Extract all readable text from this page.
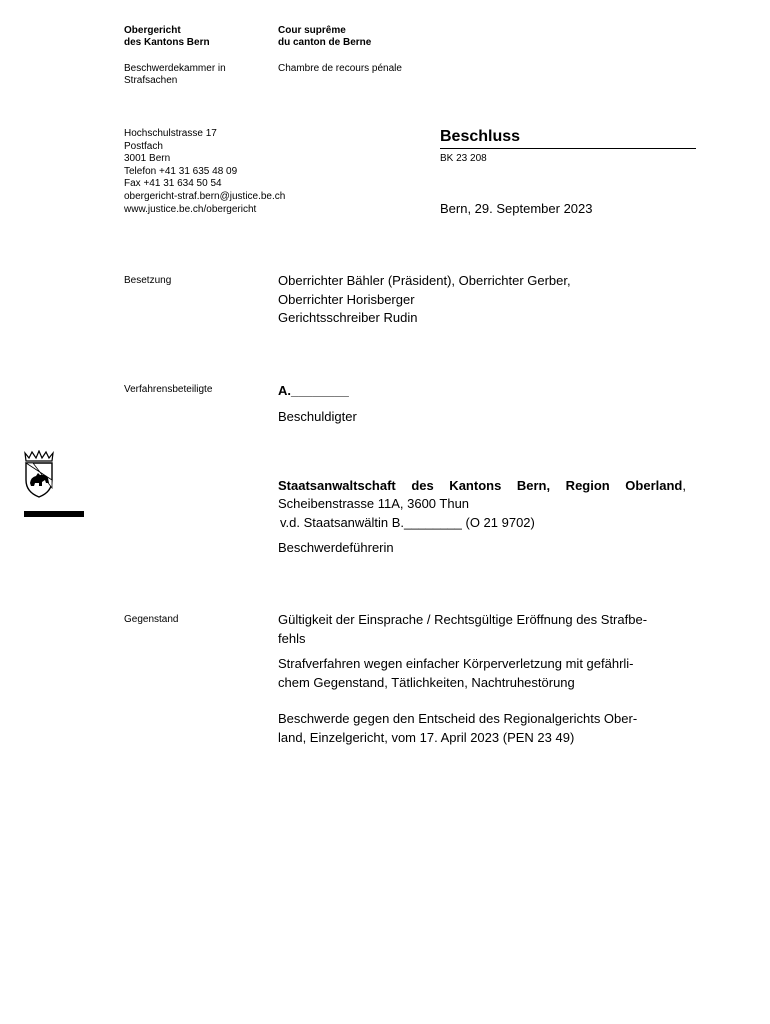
Obergericht
des Kantons Bern
Cour suprême
du canton de Berne
Beschwerdekammer in
Strafsachen
Chambre de recours pénale
Hochschulstrasse 17
Postfach
3001 Bern
Telefon +41 31 635 48 09
Fax +41 31 634 50 54
obergericht-straf.bern@justice.be.ch
www.justice.be.ch/obergericht
Beschluss
BK 23 208
Bern, 29. September 2023
Besetzung	Oberrichter Bähler (Präsident), Oberrichter Gerber,
Oberrichter Horisberger
Gerichtsschreiber Rudin
Verfahrensbeteiligte	A.________
Beschuldigter
Staatsanwaltschaft des Kantons Bern, Region Oberland,
Scheibenstrasse 11A, 3600 Thun
v.d. Staatsanwältin B.________ (O 21 9702)
Beschwerdeführerin
Gegenstand	Gültigkeit der Einsprache / Rechtsgültige Eröffnung des Strafbe-
fehls
Strafverfahren wegen einfacher Körperverletzung mit gefährli-
chem Gegenstand, Tätlichkeiten, Nachtruhestörung
Beschwerde gegen den Entscheid des Regionalgerichts Ober-
land, Einzelgericht, vom 17. April 2023 (PEN 23 49)
